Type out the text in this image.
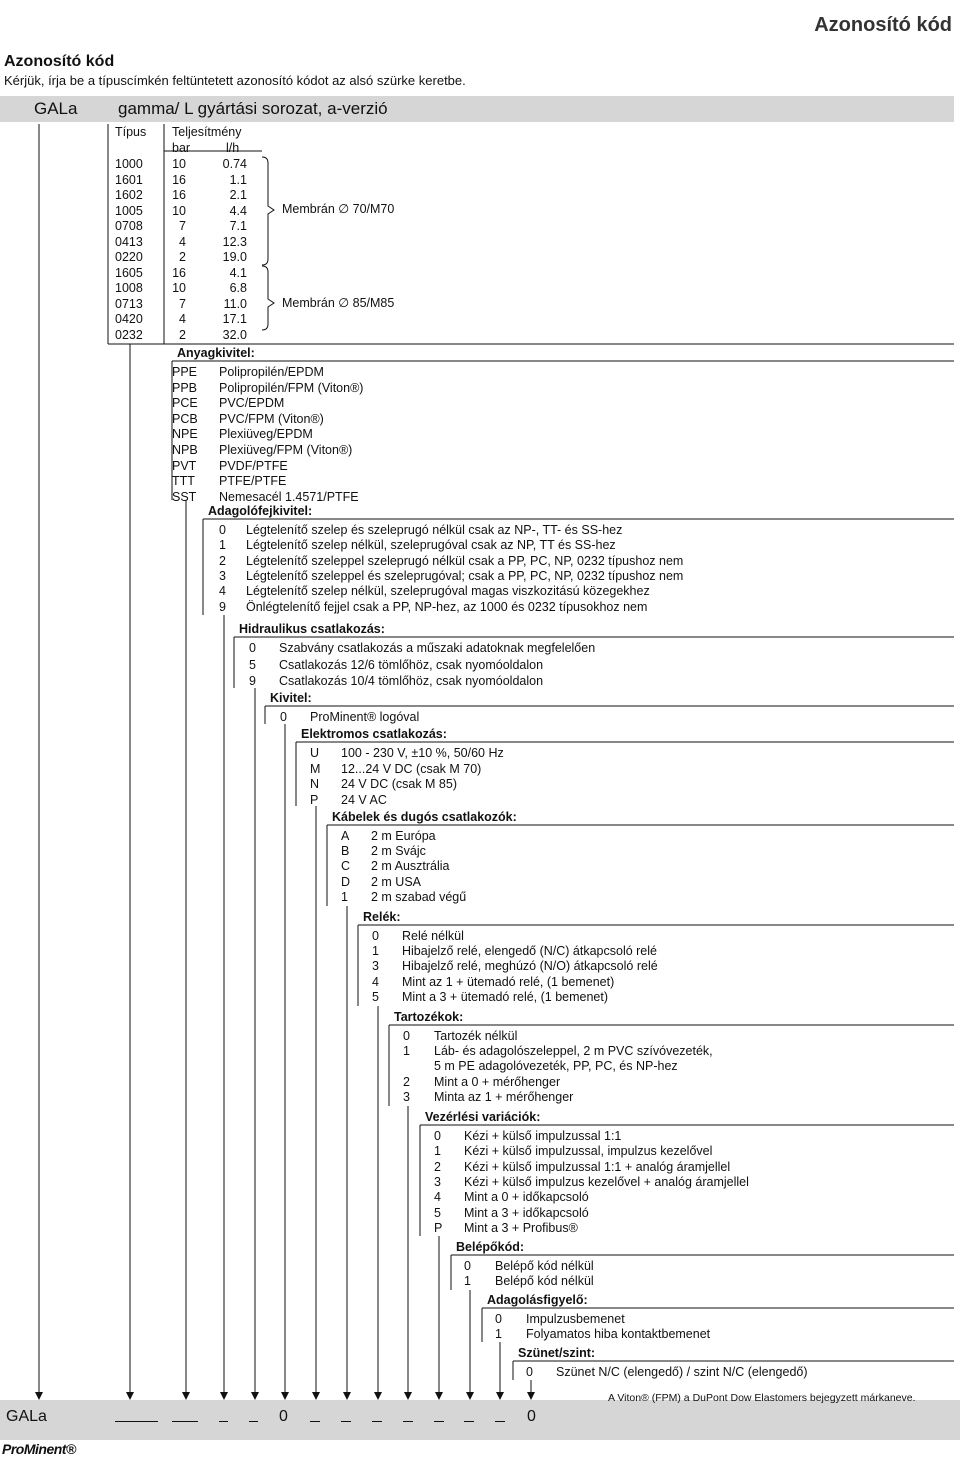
Azonosító kód
Azonosító kód
Kérjük, írja be a típuscímkén feltüntetett azonosító kódot az alsó szürke keretbe.
GALa gamma/ L gyártási sorozat, a-verzió
Típus Teljesítmény
bar	l/h
1000	10	0.74
1601	16	1.1
1602	16	2.1
1005	10	4.4
0708	7	7.1
0413	4	12.3
0220	2	19.0
1605	16	4.1
1008	10	6.8
0713	7	11.0
0420	4	17.1
0232	2	32.0
Membrán ∅ 70/M70
Membrán ∅ 85/M85
Anyagkivitel:
PPE Polipropilén/EPDM
PPB Polipropilén/FPM (Viton®)
PCE PVC/EPDM
PCB PVC/FPM (Viton®)
NPE Plexiüveg/EPDM
NPB Plexiüveg/FPM (Viton®)
PVT PVDF/PTFE
TTT PTFE/PTFE
SST Nemesacél 1.4571/PTFE
Adagolófejkivitel:
0 Légtelenítő szelep és szeleprugó nélkül csak az NP-, TT- és SS-hez
1 Légtelenítő szelep nélkül, szeleprugóval csak az NP, TT és SS-hez
2 Légtelenítő szeleppel szeleprugó nélkül csak a PP, PC, NP, 0232 típushoz nem
3 Légtelenítő szeleppel és szeleprugóval; csak a PP, PC, NP, 0232 típushoz nem
4 Légtelenítő szelep nélkül, szeleprugóval magas viszkozitású közegekhez
9 Önlégtelenítő fejjel csak a PP, NP-hez, az 1000 és 0232 típusokhoz nem
Hidraulikus csatlakozás:
0 Szabvány csatlakozás a műszaki adatoknak megfelelően
5 Csatlakozás 12/6 tömlőhöz, csak nyomóoldalon
9 Csatlakozás 10/4 tömlőhöz, csak nyomóoldalon
Kivitel:
0 ProMinent® logóval
Elektromos csatlakozás:
U 100 - 230 V, ±10 %, 50/60 Hz
M 12...24 V DC (csak M 70)
N 24 V DC (csak M 85)
P 24 V AC
Kábelek és dugós csatlakozók:
A 2 m Európa
B 2 m Svájc
C 2 m Ausztrália
D 2 m USA
1 2 m szabad végű
Relék:
0 Relé nélkül
1 Hibajelző relé, elengedő (N/C) átkapcsoló relé
3 Hibajelző relé, meghúzó (N/O) átkapcsoló relé
4 Mint az 1 + ütemadó relé, (1 bemenet)
5 Mint a 3 + ütemadó relé, (1 bemenet)
Tartozékok:
0 Tartozék nélkül
1 Láb- és adagolószeleppel, 2 m PVC szívóvezeték,
5 m PE adagolóvezeték, PP, PC, és NP-hez
2 Mint a 0 + mérőhenger
3 Minta az 1 + mérőhenger
Vezérlési variációk:
0 Kézi + külső impulzussal 1:1
1 Kézi + külső impulzussal, impulzus kezelővel
2 Kézi + külső impulzussal 1:1 + analóg áramjellel
3 Kézi + külső impulzus kezelővel + analóg áramjellel
4 Mint a 0 + időkapcsoló
5 Mint a 3 + időkapcsoló
P Mint a 3 + Profibus®
Belépőkód:
0 Belépő kód nélkül
1 Belépő kód nélkül
Adagolásfigyelő:
0 Impulzusbemenet
1 Folyamatos hiba kontaktbemenet
Szünet/szint:
0 Szünet N/C (elengedő) / szint N/C (elengedő)
GALa	0	0
A Viton® (FPM) a DuPont Dow Elastomers bejegyzett márkaneve.
ProMinent®
